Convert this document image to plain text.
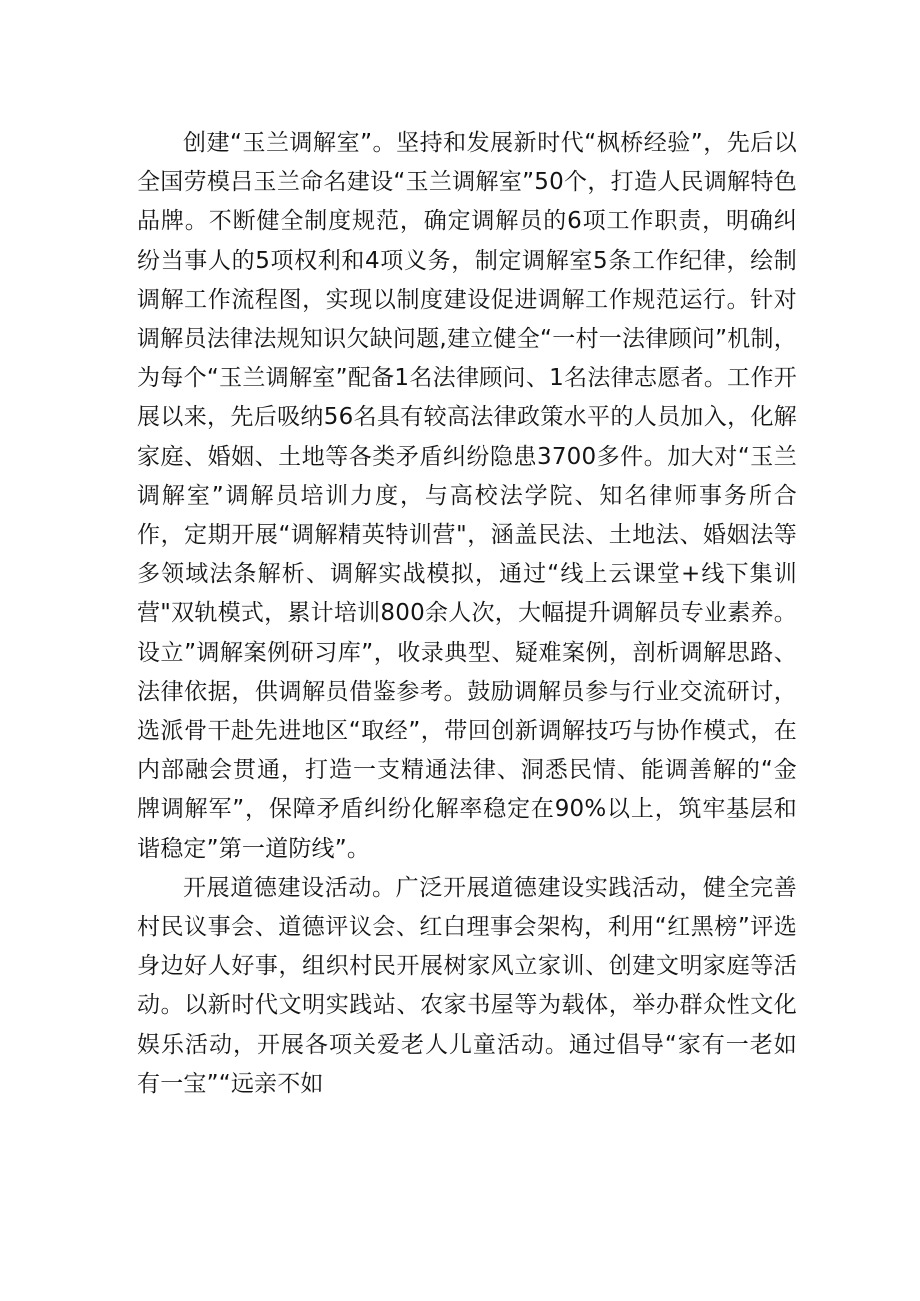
创建“玉兰调解室”。坚持和发展新时代“枫桥经验”，先后以全国劳模吕玉兰命名建设“玉兰调解室”50个，打造人民调解特色品牌。不断健全制度规范，确定调解员的6项工作职责，明确纠纷当事人的5项权利和4项义务，制定调解室5条工作纪律，绘制调解工作流程图，实现以制度建设促进调解工作规范运行。针对调解员法律法规知识欠缺问题,建立健全“一村一法律顾问”机制，为每个“玉兰调解室”配备1名法律顾问、1名法律志愿者。工作开展以来，先后吸纳56名具有较高法律政策水平的人员加入，化解家庭、婚姻、土地等各类矛盾纠纷隐患3700多件。加大对“玉兰调解室”调解员培训力度，与高校法学院、知名律师事务所合作，定期开展“调解精英特训营"，涵盖民法、土地法、婚姻法等多领域法条解析、调解实战模拟，通过“线上云课堂+线下集训营"双轨模式，累计培训800余人次，大幅提升调解员专业素养。设立”调解案例研习库”，收录典型、疑难案例，剖析调解思路、法律依据，供调解员借鉴参考。鼓励调解员参与行业交流研讨，选派骨干赴先进地区“取经”，带回创新调解技巧与协作模式，在内部融会贯通，打造一支精通法律、洞悉民情、能调善解的“金牌调解军”，保障矛盾纠纷化解率稳定在90%以上，筑牢基层和谐稳定”第一道防线”。

开展道德建设活动。广泛开展道德建设实践活动，健全完善村民议事会、道德评议会、红白理事会架构，利用“红黑榜”评选身边好人好事，组织村民开展树家风立家训、创建文明家庭等活动。以新时代文明实践站、农家书屋等为载体，举办群众性文化娱乐活动，开展各项关爱老人儿童活动。通过倡导“家有一老如有一宝”“远亲不如
